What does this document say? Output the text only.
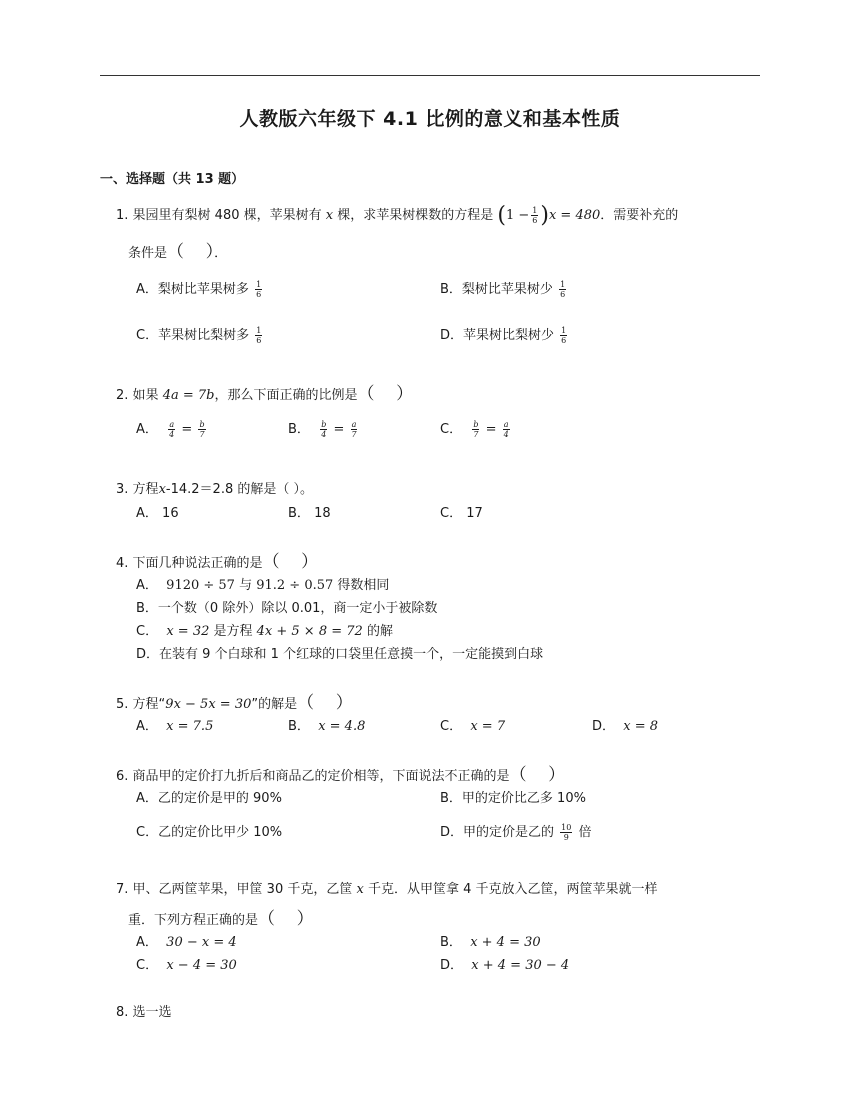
人教版六年级下 4.1 比例的意义和基本性质
一、选择题（共 13 题）
1. 果园里有梨树 480 棵，苹果树有 x 棵，求苹果树棵数的方程是 $(1 - \frac{1}{6} )x = 480$．需要补充的
条件是（    ）．
A．梨树比苹果树多 $\frac{1}{6}$	B．梨树比苹果树少 $\frac{1}{6}$
C．苹果树比梨树多 $\frac{1}{6}$	D．苹果树比梨树少 $\frac{1}{6}$
2. 如果 4a = 7b，那么下面正确的比例是（    ）
A． $\frac{a}{4} = \frac{b}{7}$	B． $\frac{b}{4} = \frac{a}{7}$	C． $\frac{b}{7} = \frac{a}{4}$
3. 方程x-14.2＝2.8 的解是（ ）。
A． 16	B． 18	C． 17
4. 下面几种说法正确的是（    ）
A． 9120 ÷ 57 与 91.2 ÷ 0.57 得数相同
B．一个数（0 除外）除以 0.01，商一定小于被除数
C． x = 32 是方程 4x + 5 × 8 = 72 的解
D．在装有 9 个白球和 1 个红球的口袋里任意摸一个，一定能摸到白球
5. 方程“9x − 5x = 30”的解是（    ）
A． x = 7.5	B． x = 4.8	C． x = 7	D． x = 8
6. 商品甲的定价打九折后和商品乙的定价相等，下面说法不正确的是（    ）
A．乙的定价是甲的 90%	B．甲的定价比乙多 10%
C．乙的定价比甲少 10%	D．甲的定价是乙的 $\frac{10}{9}$ 倍
7. 甲、乙两筐苹果，甲筐 30 千克，乙筐 x 千克．从甲筐拿 4 千克放入乙筐，两筐苹果就一样
重．下列方程正确的是（    ）
A． 30 − x = 4	B． x + 4 = 30
C． x − 4 = 30	D． x + 4 = 30 − 4
8. 选一选
